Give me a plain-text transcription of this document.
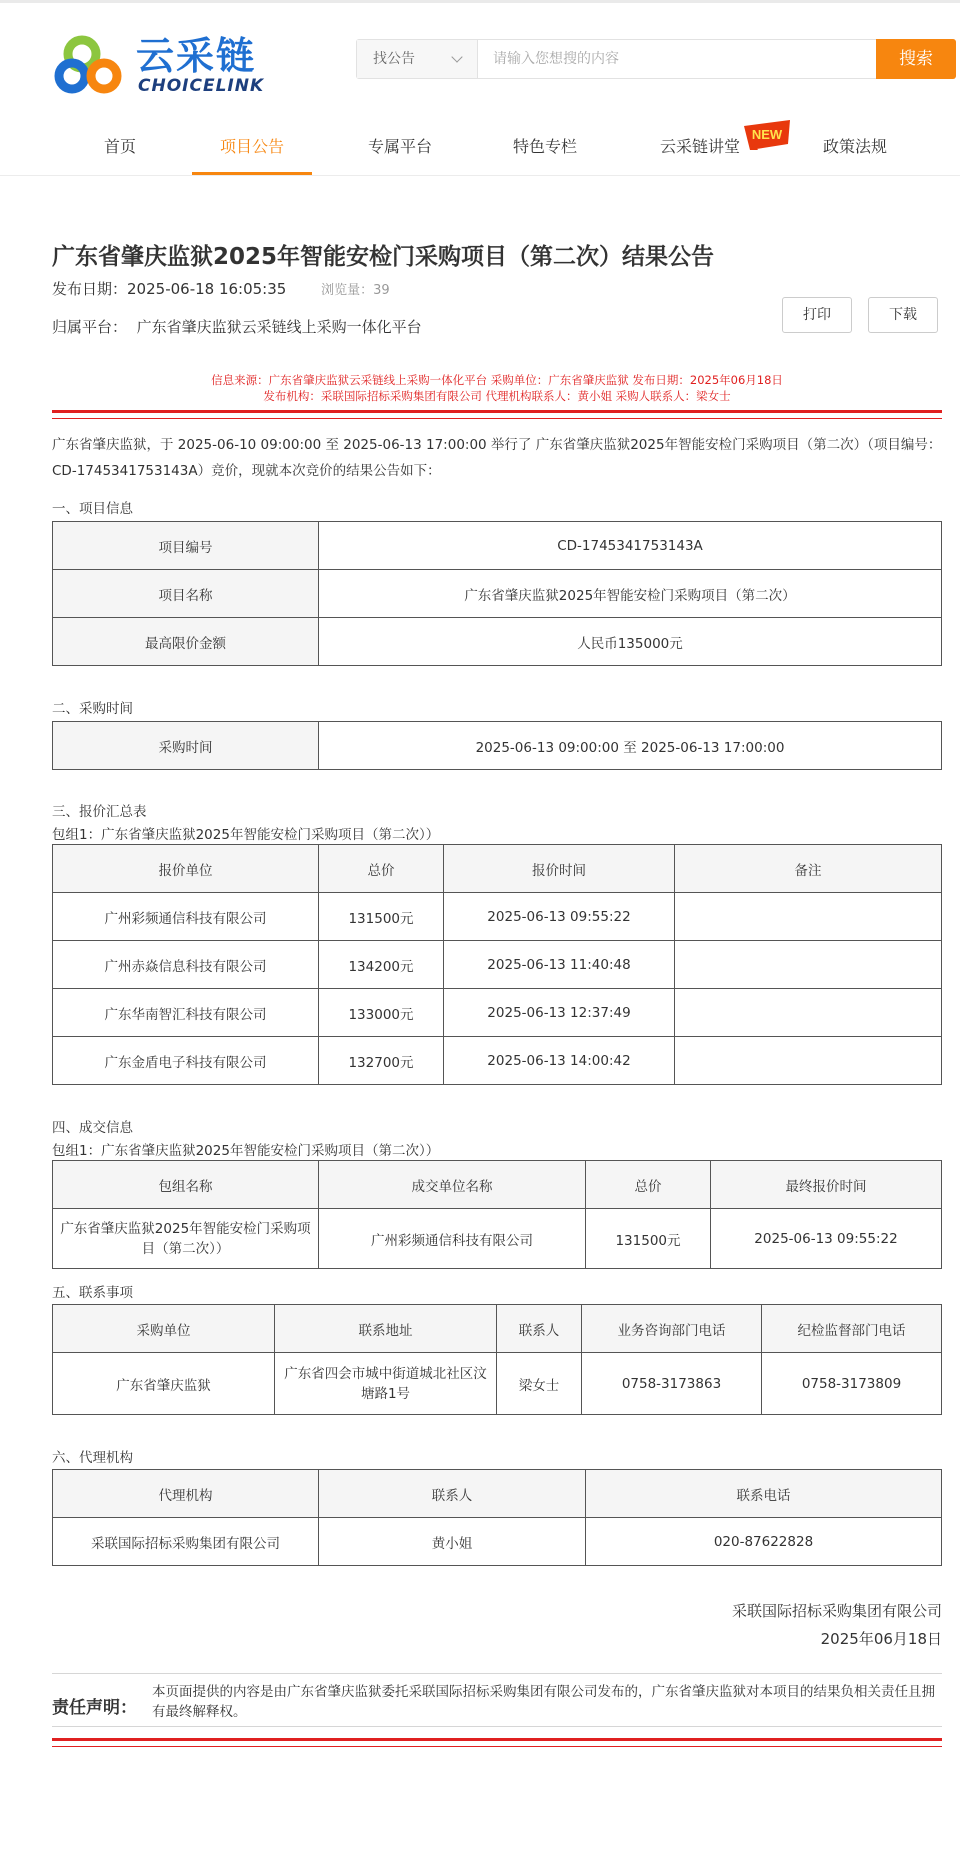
云采链
CHOICELINK
找公告
请输入您想搜的内容	搜索
首页	项目公告	专属平台	特色专栏	云采链讲堂	政策法规
NEW
广东省肇庆监狱2025年智能安检门采购项目（第二次）结果公告
发布日期：2025-06-18 16:05:35	浏览量：39
归属平台： 广东省肇庆监狱云采链线上采购一体化平台
打印	下载
信息来源：广东省肇庆监狱云采链线上采购一体化平台 采购单位：广东省肇庆监狱 发布日期：2025年06月18日
发布机构：采联国际招标采购集团有限公司 代理机构联系人：黄小姐 采购人联系人：梁女士
广东省肇庆监狱，于 2025-06-10 09:00:00 至 2025-06-13 17:00:00 举行了 广东省肇庆监狱2025年智能安检门采购项目（第二次）（项目编号：CD-1745341753143A）竞价，现就本次竞价的结果公告如下：
一、项目信息
项目编号	CD-1745341753143A
项目名称	广东省肇庆监狱2025年智能安检门采购项目（第二次）
最高限价金额	人民币135000元
二、采购时间
采购时间	2025-06-13 09:00:00 至 2025-06-13 17:00:00
三、报价汇总表
包组1：广东省肇庆监狱2025年智能安检门采购项目（第二次））
报价单位	总价	报价时间	备注
广州彩频通信科技有限公司	131500元	2025-06-13 09:55:22	
广州赤焱信息科技有限公司	134200元	2025-06-13 11:40:48	
广东华南智汇科技有限公司	133000元	2025-06-13 12:37:49	
广东金盾电子科技有限公司	132700元	2025-06-13 14:00:42	
四、成交信息
包组1：广东省肇庆监狱2025年智能安检门采购项目（第二次））
包组名称	成交单位名称	总价	最终报价时间
广东省肇庆监狱2025年智能安检门采购项目（第二次））	广州彩频通信科技有限公司	131500元	2025-06-13 09:55:22
五、联系事项
采购单位	联系地址	联系人	业务咨询部门电话	纪检监督部门电话
广东省肇庆监狱	广东省四会市城中街道城北社区汶塘路1号	梁女士	0758-3173863	0758-3173809
六、代理机构
代理机构	联系人	联系电话
采联国际招标采购集团有限公司	黄小姐	020-87622828
采联国际招标采购集团有限公司
2025年06月18日
责任声明：
本页面提供的内容是由广东省肇庆监狱委托采联国际招标采购集团有限公司发布的，广东省肇庆监狱对本项目的结果负相关责任且拥有最终解释权。
